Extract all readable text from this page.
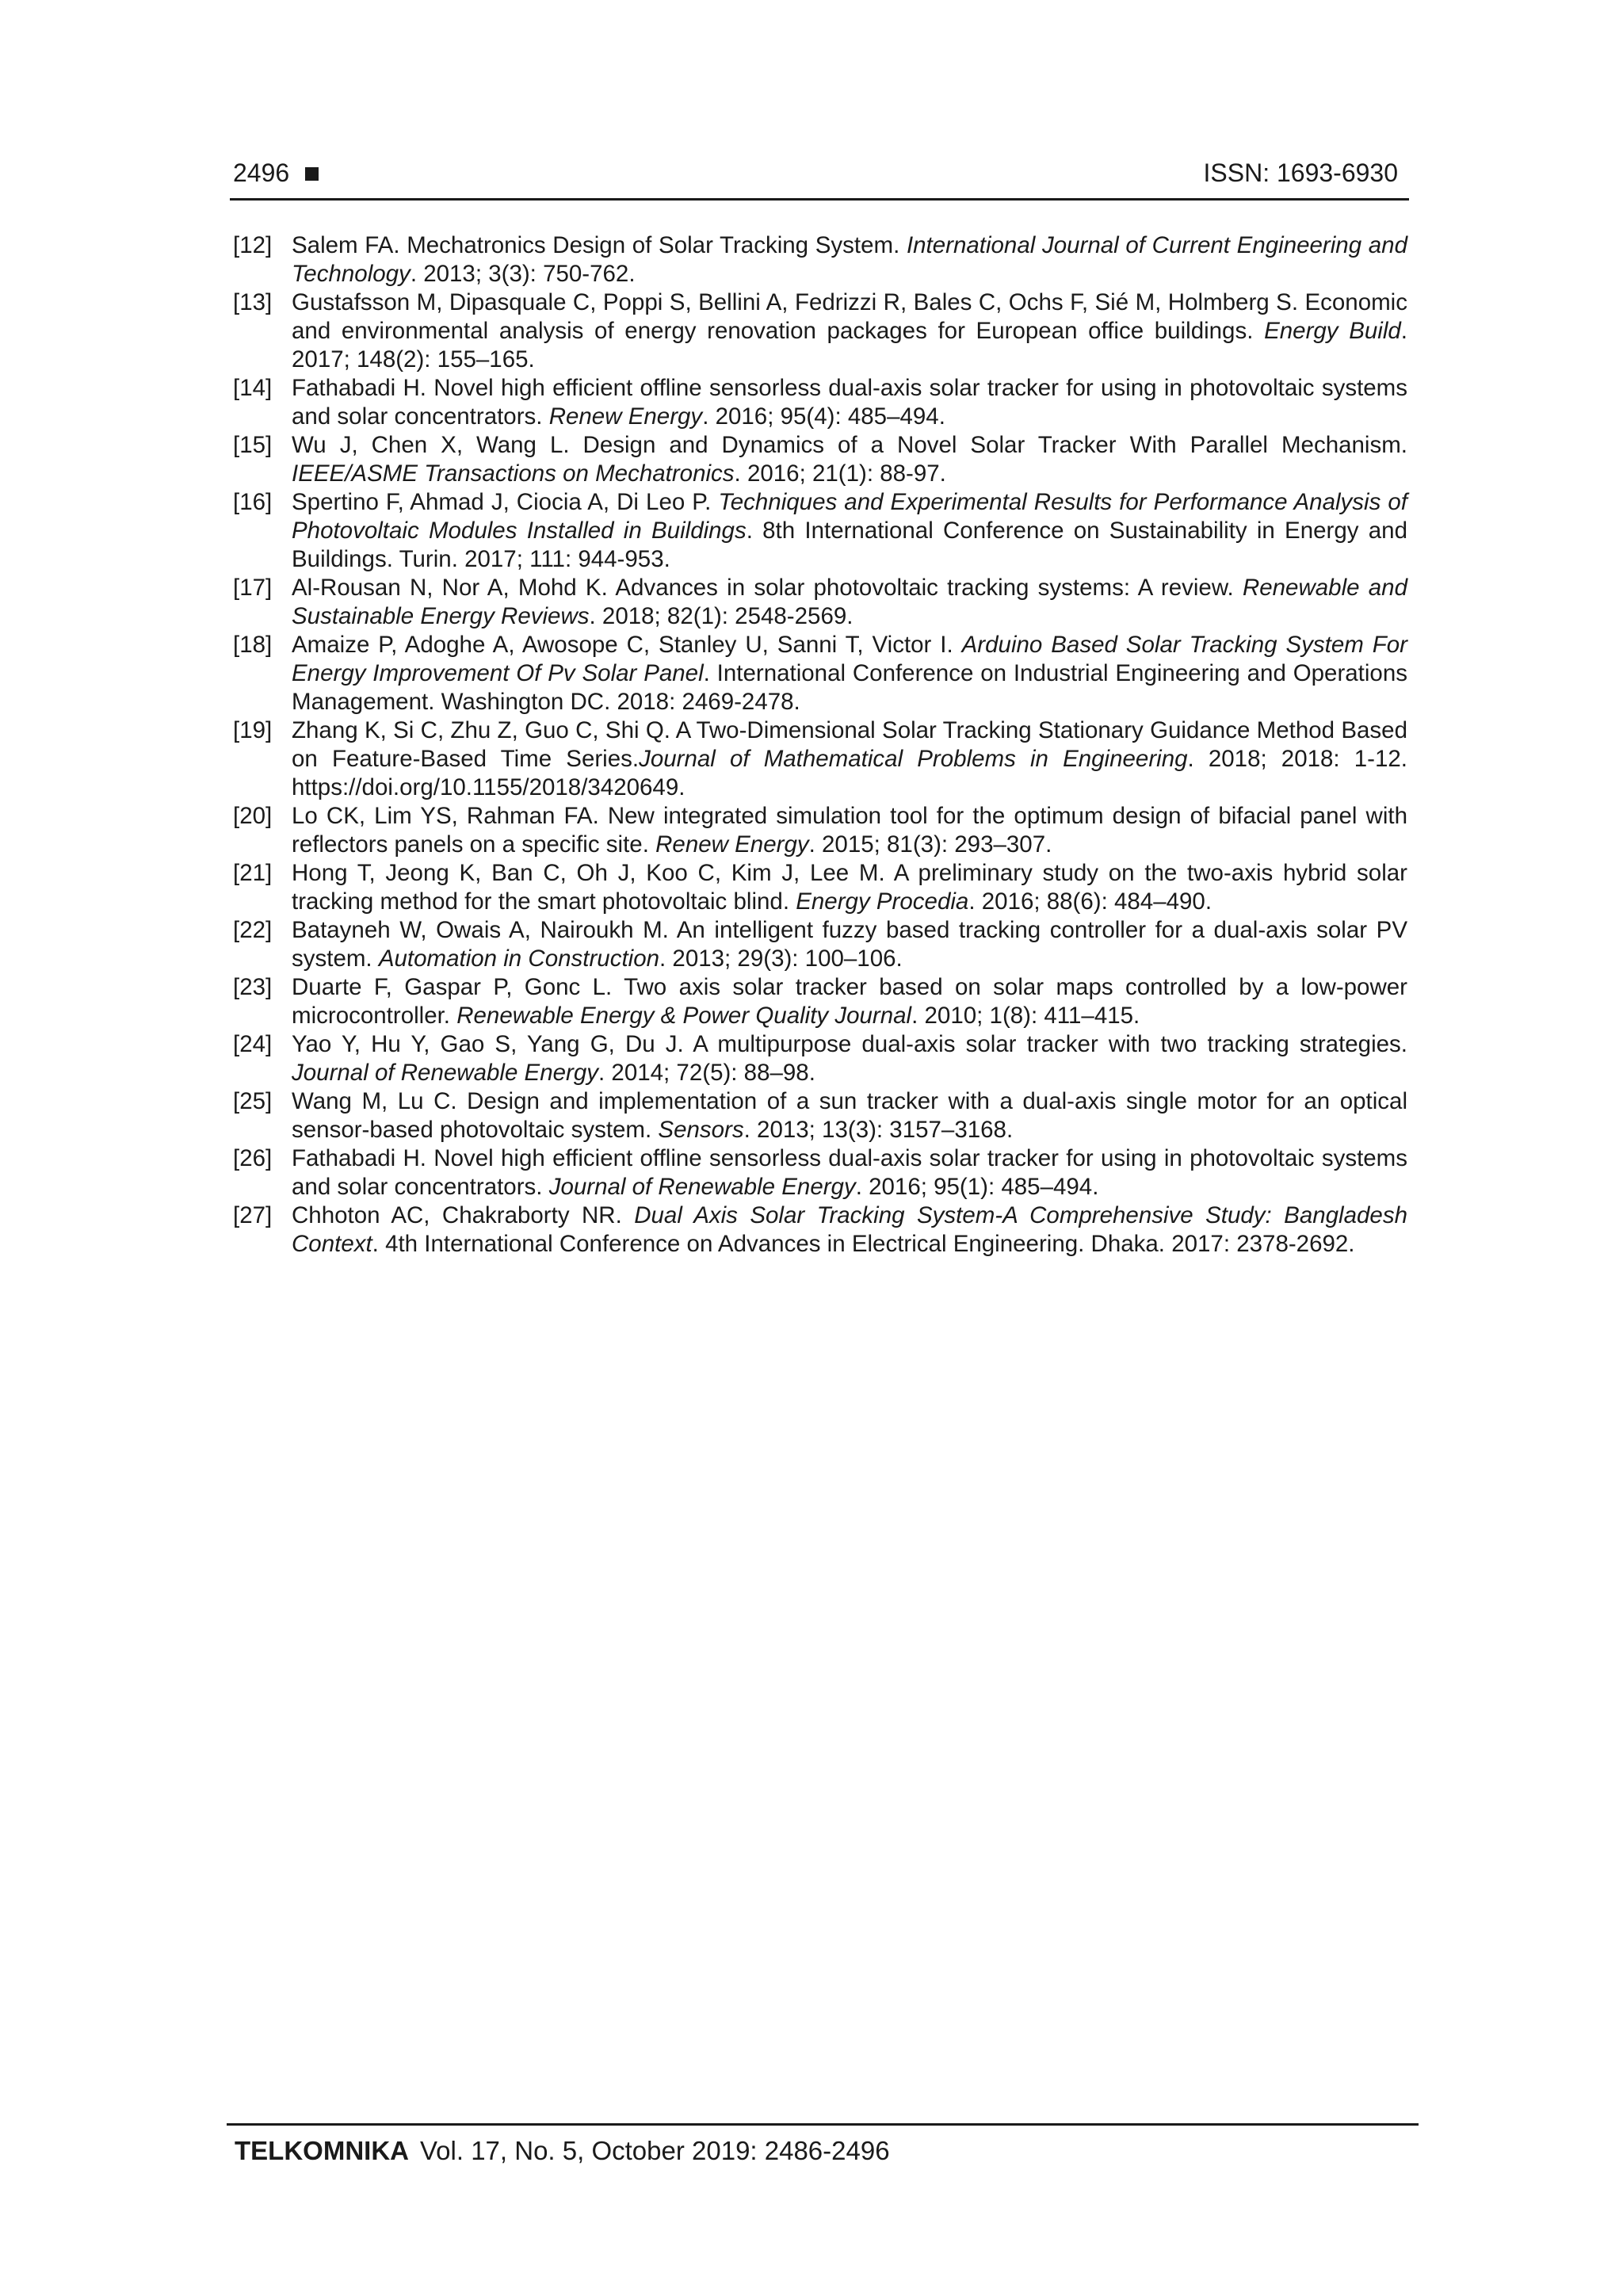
2496	ISSN: 1693-6930
[12] Salem FA. Mechatronics Design of Solar Tracking System. International Journal of Current Engineering and Technology. 2013; 3(3): 750-762.
[13] Gustafsson M, Dipasquale C, Poppi S, Bellini A, Fedrizzi R, Bales C, Ochs F, Sié M, Holmberg S. Economic and environmental analysis of energy renovation packages for European office buildings. Energy Build. 2017; 148(2): 155–165.
[14] Fathabadi H. Novel high efficient offline sensorless dual-axis solar tracker for using in photovoltaic systems and solar concentrators. Renew Energy. 2016; 95(4): 485–494.
[15] Wu J, Chen X, Wang L. Design and Dynamics of a Novel Solar Tracker With Parallel Mechanism. IEEE/ASME Transactions on Mechatronics. 2016; 21(1): 88-97.
[16] Spertino F, Ahmad J, Ciocia A, Di Leo P. Techniques and Experimental Results for Performance Analysis of Photovoltaic Modules Installed in Buildings. 8th International Conference on Sustainability in Energy and Buildings. Turin. 2017; 111: 944-953.
[17] Al-Rousan N, Nor A, Mohd K. Advances in solar photovoltaic tracking systems: A review. Renewable and Sustainable Energy Reviews. 2018; 82(1): 2548-2569.
[18] Amaize P, Adoghe A, Awosope C, Stanley U, Sanni T, Victor I. Arduino Based Solar Tracking System For Energy Improvement Of Pv Solar Panel. International Conference on Industrial Engineering and Operations Management. Washington DC. 2018: 2469-2478.
[19] Zhang K, Si C, Zhu Z, Guo C, Shi Q. A Two-Dimensional Solar Tracking Stationary Guidance Method Based on Feature-Based Time Series.Journal of Mathematical Problems in Engineering. 2018; 2018: 1-12. https://doi.org/10.1155/2018/3420649.
[20] Lo CK, Lim YS, Rahman FA. New integrated simulation tool for the optimum design of bifacial panel with reflectors panels on a specific site. Renew Energy. 2015; 81(3): 293–307.
[21] Hong T, Jeong K, Ban C, Oh J, Koo C, Kim J, Lee M. A preliminary study on the two-axis hybrid solar tracking method for the smart photovoltaic blind. Energy Procedia. 2016; 88(6): 484–490.
[22] Batayneh W, Owais A, Nairoukh M. An intelligent fuzzy based tracking controller for a dual-axis solar PV system. Automation in Construction. 2013; 29(3): 100–106.
[23] Duarte F, Gaspar P, Gonc L. Two axis solar tracker based on solar maps controlled by a low-power microcontroller. Renewable Energy & Power Quality Journal. 2010; 1(8): 411–415.
[24] Yao Y, Hu Y, Gao S, Yang G, Du J. A multipurpose dual-axis solar tracker with two tracking strategies. Journal of Renewable Energy. 2014; 72(5): 88–98.
[25] Wang M, Lu C. Design and implementation of a sun tracker with a dual-axis single motor for an optical sensor-based photovoltaic system. Sensors. 2013; 13(3): 3157–3168.
[26] Fathabadi H. Novel high efficient offline sensorless dual-axis solar tracker for using in photovoltaic systems and solar concentrators. Journal of Renewable Energy. 2016; 95(1): 485–494.
[27] Chhoton AC, Chakraborty NR. Dual Axis Solar Tracking System-A Comprehensive Study: Bangladesh Context. 4th International Conference on Advances in Electrical Engineering. Dhaka. 2017: 2378-2692.
TELKOMNIKA Vol. 17, No. 5, October 2019: 2486-2496
